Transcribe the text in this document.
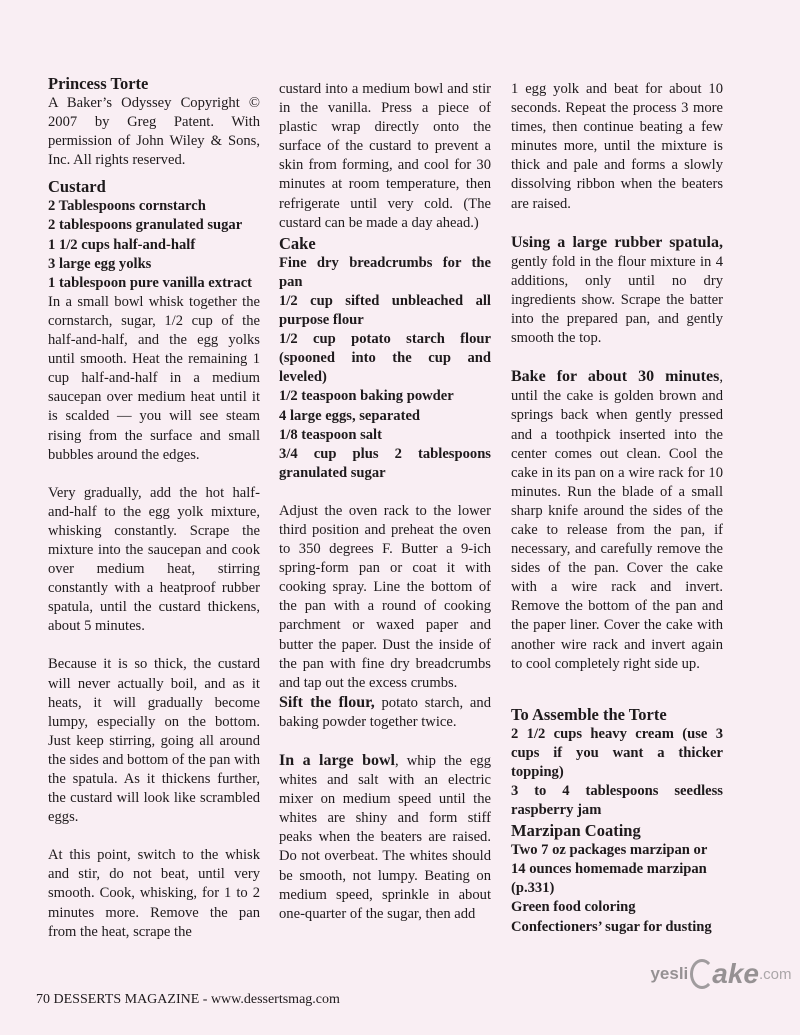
Princess Torte

A Baker’s Odyssey Copyright © 2007 by Greg Patent. With permission of John Wiley & Sons, Inc. All rights reserved.

Custard

2 Tablespoons cornstarch

2 tablespoons granulated sugar

1 1/2 cups half-and-half

3 large egg yolks

1 tablespoon pure vanilla extract

In a small bowl whisk together the cornstarch, sugar, 1/2 cup of the half-and-half, and the egg yolks until smooth. Heat the remaining 1 cup half-and-half in a medium saucepan over medium heat until it is scalded — you will see steam rising from the surface and small bubbles around the edges.

Very gradually, add the hot half-and-half to the egg yolk mixture, whisking constantly. Scrape the mixture into the saucepan and cook over medium heat, stirring constantly with a heatproof rubber spatula, until the custard thickens, about 5 minutes.

Because it is so thick, the custard will never actually boil, and as it heats, it will gradually become lumpy, especially on the bottom. Just keep stirring, going all around the sides and bottom of the pan with the spatula. As it thickens further, the custard will look like scrambled eggs.

At this point, switch to the whisk and stir, do not beat, until very smooth. Cook, whisking, for 1 to 2 minutes more. Remove the pan from the heat, scrape the

custard into a medium bowl and stir in the vanilla. Press a piece of plastic wrap directly onto the surface of the custard to prevent a skin from forming, and cool for 30 minutes at room temperature, then refrigerate until very cold. (The custard can be made a day ahead.)

Cake

Fine dry breadcrumbs for the pan

1/2 cup sifted unbleached all purpose flour

1/2 cup potato starch flour (spooned into the cup and leveled)

1/2 teaspoon baking powder

4 large eggs, separated

1/8 teaspoon salt

3/4 cup plus 2 tablespoons granulated sugar

Adjust the oven rack to the lower third position and preheat the oven to 350 degrees F. Butter a 9-ich spring-form pan or coat it with cooking spray. Line the bottom of the pan with a round of cooking parchment or waxed paper and butter the paper. Dust the inside of the pan with fine dry breadcrumbs and tap out the excess crumbs.

Sift the flour, potato starch, and baking powder together twice.

In a large bowl, whip the egg whites and salt with an electric mixer on medium speed until the whites are shiny and form stiff peaks when the beaters are raised. Do not overbeat. The whites should be smooth, not lumpy. Beating on medium speed, sprinkle in about one-quarter of the sugar, then add

1 egg yolk and beat for about 10 seconds. Repeat the process 3 more times, then continue beating a few minutes more, until the mixture is thick and pale and forms a slowly dissolving ribbon when the beaters are raised.

Using a large rubber spatula, gently fold in the flour mixture in 4 additions, only until no dry ingredients show. Scrape the batter into the prepared pan, and gently smooth the top.

Bake for about 30 minutes, until the cake is golden brown and springs back when gently pressed and a toothpick inserted into the center comes out clean. Cool the cake in its pan on a wire rack for 10 minutes. Run the blade of a small sharp knife around the sides of the cake to release from the pan, if necessary, and carefully remove the sides of the pan. Cover the cake with a wire rack and invert. Remove the bottom of the pan and the paper liner. Cover the cake with another wire rack and invert again to cool completely right side up.

To Assemble the Torte

2 1/2 cups heavy cream (use 3 cups if you want a thicker topping)

3 to 4 tablespoons seedless raspberry jam

Marzipan Coating

Two 7 oz packages marzipan or 14 ounces homemade marzipan (p.331)

Green food coloring

Confectioners’ sugar for dusting

70 DESSERTS MAGAZINE - www.dessertsmag.com
yesli ake .com
